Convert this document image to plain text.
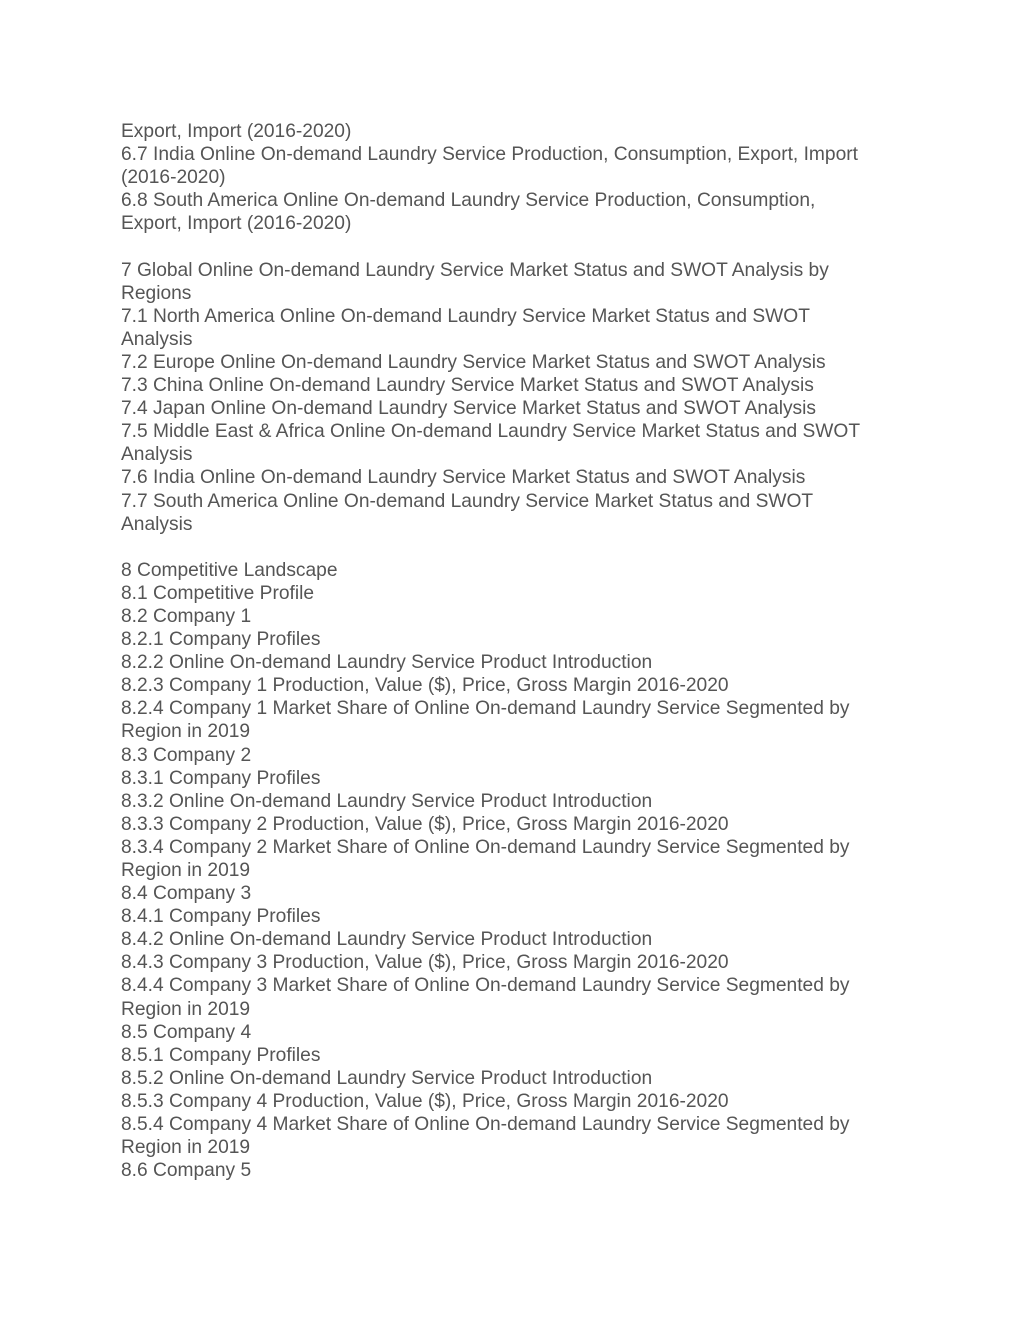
Export, Import (2016-2020)
6.7 India Online On-demand Laundry Service Production, Consumption, Export, Import
(2016-2020)
6.8 South America Online On-demand Laundry Service Production, Consumption,
Export, Import (2016-2020)
7 Global Online On-demand Laundry Service Market Status and SWOT Analysis by
Regions
7.1 North America Online On-demand Laundry Service Market Status and SWOT
Analysis
7.2 Europe Online On-demand Laundry Service Market Status and SWOT Analysis
7.3 China Online On-demand Laundry Service Market Status and SWOT Analysis
7.4 Japan Online On-demand Laundry Service Market Status and SWOT Analysis
7.5 Middle East & Africa Online On-demand Laundry Service Market Status and SWOT
Analysis
7.6 India Online On-demand Laundry Service Market Status and SWOT Analysis
7.7 South America Online On-demand Laundry Service Market Status and SWOT
Analysis
8 Competitive Landscape
8.1 Competitive Profile
8.2 Company 1
8.2.1 Company Profiles
8.2.2 Online On-demand Laundry Service Product Introduction
8.2.3 Company 1 Production, Value ($), Price, Gross Margin 2016-2020
8.2.4 Company 1 Market Share of Online On-demand Laundry Service Segmented by
Region in 2019
8.3 Company 2
8.3.1 Company Profiles
8.3.2 Online On-demand Laundry Service Product Introduction
8.3.3 Company 2 Production, Value ($), Price, Gross Margin 2016-2020
8.3.4 Company 2 Market Share of Online On-demand Laundry Service Segmented by
Region in 2019
8.4 Company 3
8.4.1 Company Profiles
8.4.2 Online On-demand Laundry Service Product Introduction
8.4.3 Company 3 Production, Value ($), Price, Gross Margin 2016-2020
8.4.4 Company 3 Market Share of Online On-demand Laundry Service Segmented by
Region in 2019
8.5 Company 4
8.5.1 Company Profiles
8.5.2 Online On-demand Laundry Service Product Introduction
8.5.3 Company 4 Production, Value ($), Price, Gross Margin 2016-2020
8.5.4 Company 4 Market Share of Online On-demand Laundry Service Segmented by
Region in 2019
8.6 Company 5
